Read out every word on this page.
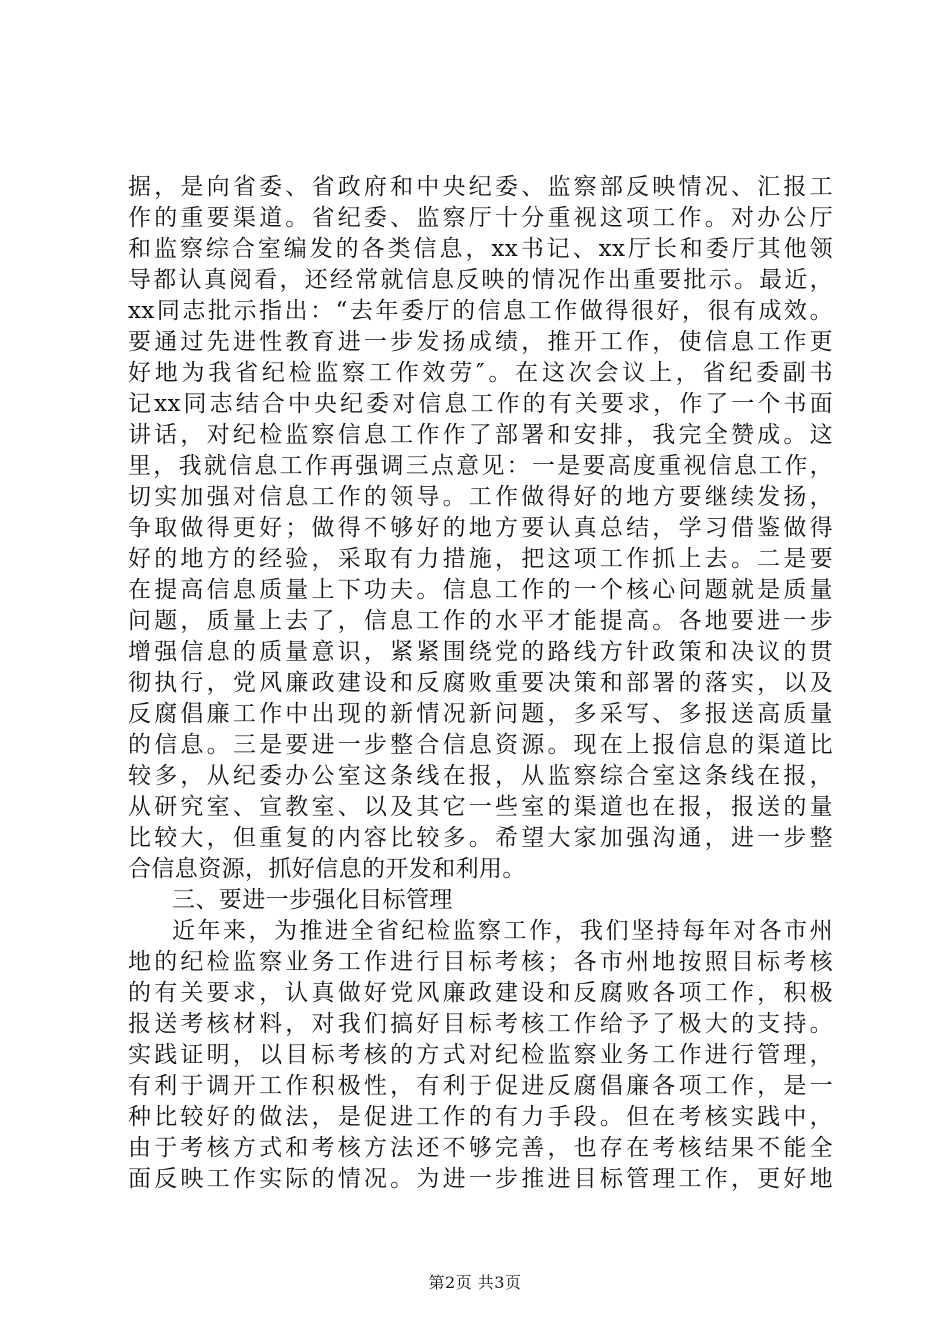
据，是向省委、省政府和中央纪委、监察部反映情况、汇报工
作的重要渠道。省纪委、监察厅十分重视这项工作。对办公厅
和监察综合室编发的各类信息，xx书记、xx厅长和委厅其他领
导都认真阅看，还经常就信息反映的情况作出重要批示。最近，
xx同志批示指出：“去年委厅的信息工作做得很好，很有成效。
要通过先进性教育进一步发扬成绩，推开工作，使信息工作更
好地为我省纪检监察工作效劳″。在这次会议上，省纪委副书
记xx同志结合中央纪委对信息工作的有关要求，作了一个书面
讲话，对纪检监察信息工作作了部署和安排，我完全赞成。这
里，我就信息工作再强调三点意见：一是要高度重视信息工作，
切实加强对信息工作的领导。工作做得好的地方要继续发扬，
争取做得更好；做得不够好的地方要认真总结，学习借鉴做得
好的地方的经验，采取有力措施，把这项工作抓上去。二是要
在提高信息质量上下功夫。信息工作的一个核心问题就是质量
问题，质量上去了，信息工作的水平才能提高。各地要进一步
增强信息的质量意识，紧紧围绕党的路线方针政策和决议的贯
彻执行，党风廉政建设和反腐败重要决策和部署的落实，以及
反腐倡廉工作中出现的新情况新问题，多采写、多报送高质量
的信息。三是要进一步整合信息资源。现在上报信息的渠道比
较多，从纪委办公室这条线在报，从监察综合室这条线在报，
从研究室、宣教室、以及其它一些室的渠道也在报，报送的量
比较大，但重复的内容比较多。希望大家加强沟通，进一步整
合信息资源，抓好信息的开发和利用。
三、要进一步强化目标管理
近年来，为推进全省纪检监察工作，我们坚持每年对各市州
地的纪检监察业务工作进行目标考核；各市州地按照目标考核
的有关要求，认真做好党风廉政建设和反腐败各项工作，积极
报送考核材料，对我们搞好目标考核工作给予了极大的支持。
实践证明，以目标考核的方式对纪检监察业务工作进行管理，
有利于调开工作积极性，有利于促进反腐倡廉各项工作，是一
种比较好的做法，是促进工作的有力手段。但在考核实践中，
由于考核方式和考核方法还不够完善，也存在考核结果不能全
面反映工作实际的情况。为进一步推进目标管理工作，更好地
第2页 共3页
